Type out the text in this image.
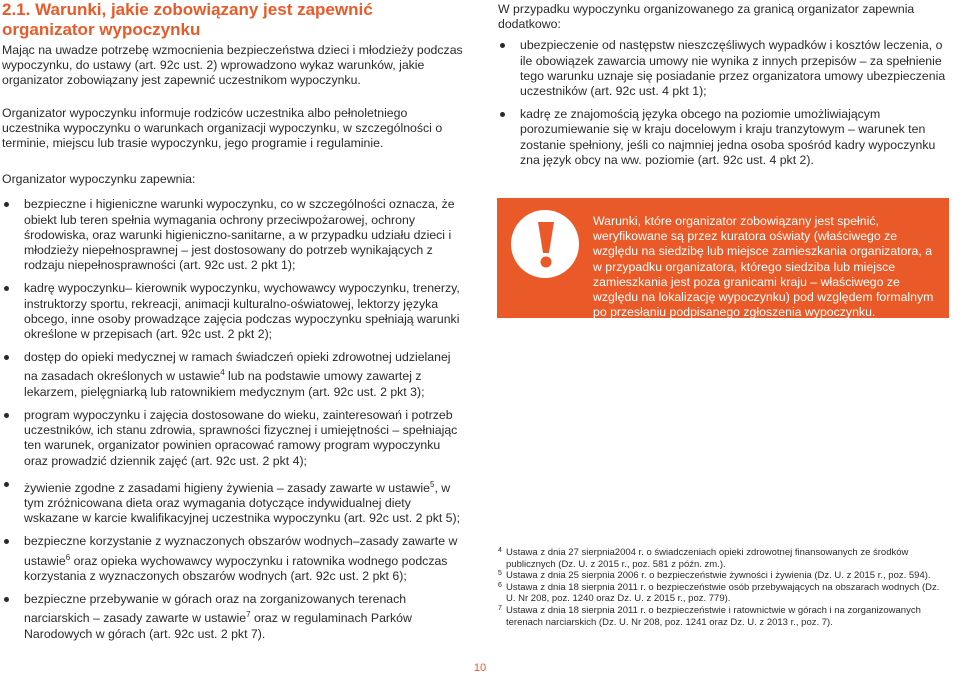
2.1. Warunki, jakie zobowiązany jest zapewnić organizator wypoczynku

Mając na uwadze potrzebę wzmocnienia bezpieczeństwa dzieci i młodzieży podczas wypoczynku, do ustawy (art. 92c ust. 2) wprowadzono wykaz warunków, jakie organizator zobowiązany jest zapewnić uczestnikom wypoczynku.

Organizator wypoczynku informuje rodziców uczestnika albo pełnoletniego uczestnika wypoczynku o warunkach organizacji wypoczynku, w szczególności o terminie, miejscu lub trasie wypoczynku, jego programie i regulaminie.

Organizator wypoczynku zapewnia:

bezpieczne i higieniczne warunki wypoczynku, co w szczególności oznacza, że obiekt lub teren spełnia wymagania ochrony przeciwpożarowej, ochrony środowiska, oraz warunki higieniczno-sanitarne, a w przypadku udziału dzieci i młodzieży niepełnosprawnej – jest dostosowany do potrzeb wynikających z rodzaju niepełnosprawności (art. 92c ust. 2 pkt 1);
kadrę wypoczynku– kierownik wypoczynku, wychowawcy wypoczynku, trenerzy, instruktorzy sportu, rekreacji, animacji kulturalno-oświatowej, lektorzy języka obcego, inne osoby prowadzące zajęcia podczas wypoczynku spełniają warunki określone w przepisach (art. 92c ust. 2 pkt 2);
dostęp do opieki medycznej w ramach świadczeń opieki zdrowotnej udzielanej na zasadach określonych w ustawie$^4$ lub na podstawie umowy zawartej z lekarzem, pielęgniarką lub ratownikiem medycznym (art. 92c ust. 2 pkt 3);
program wypoczynku i zajęcia dostosowane do wieku, zainteresowań i potrzeb uczestników, ich stanu zdrowia, sprawności fizycznej i umiejętności – spełniając ten warunek, organizator powinien opracować ramowy program wypoczynku oraz prowadzić dziennik zajęć (art. 92c ust. 2 pkt 4);
żywienie zgodne z zasadami higieny żywienia – zasady zawarte w ustawie$^5$, w tym zróżnicowana dieta oraz wymagania dotyczące indywidualnej diety wskazane w karcie kwalifikacyjnej uczestnika wypoczynku (art. 92c ust. 2 pkt 5);
bezpieczne korzystanie z wyznaczonych obszarów wodnych–zasady zawarte w ustawie$^6$ oraz opieka wychowawcy wypoczynku i ratownika wodnego podczas korzystania z wyznaczonych obszarów wodnych (art. 92c ust. 2 pkt 6);
bezpieczne przebywanie w górach oraz na zorganizowanych terenach narciarskich – zasady zawarte w ustawie$^7$ oraz w regulaminach Parków Narodowych w górach (art. 92c ust. 2 pkt 7).

W przypadku wypoczynku organizowanego za granicą organizator zapewnia dodatkowo:

ubezpieczenie od następstw nieszczęśliwych wypadków i kosztów leczenia, o ile obowiązek zawarcia umowy nie wynika z innych przepisów – za spełnienie tego warunku uznaje się posiadanie przez organizatora umowy ubezpieczenia uczestników (art. 92c ust. 4 pkt 1);
kadrę ze znajomością języka obcego na poziomie umożliwiającym porozumiewanie się w kraju docelowym i kraju tranzytowym – warunek ten zostanie spełniony, jeśli co najmniej jedna osoba spośród kadry wypoczynku zna język obcy na ww. poziomie (art. 92c ust. 4 pkt 2).
Warunki, które organizator zobowiązany jest spełnić, weryfikowane są przez kuratora oświaty (właściwego ze względu na siedzibę lub miejsce zamieszkania organizatora, a w przypadku organizatora, którego siedziba lub miejsce zamieszkania jest poza granicami kraju – właściwego ze względu na lokalizację wypoczynku) pod względem formalnym po przesłaniu podpisanego zgłoszenia wypoczynku.

4 Ustawa z dnia 27 sierpnia2004 r. o świadczeniach opieki zdrowotnej finansowanych ze środków publicznych (Dz. U. z 2015 r., poz. 581 z późn. zm.).

5 Ustawa z dnia 25 sierpnia 2006 r. o bezpieczeństwie żywności i żywienia (Dz. U. z 2015 r., poz. 594).

6 Ustawa z dnia 18 sierpnia 2011 r. o bezpieczeństwie osób przebywających na obszarach wodnych (Dz. U. Nr 208, poz. 1240 oraz Dz. U. z 2015 r., poz. 779).

7 Ustawa z dnia 18 sierpnia 2011 r. o bezpieczeństwie i ratownictwie w górach i na zorganizowanych terenach narciarskich (Dz. U. Nr 208, poz. 1241 oraz Dz. U. z 2013 r., poz. 7).

10
